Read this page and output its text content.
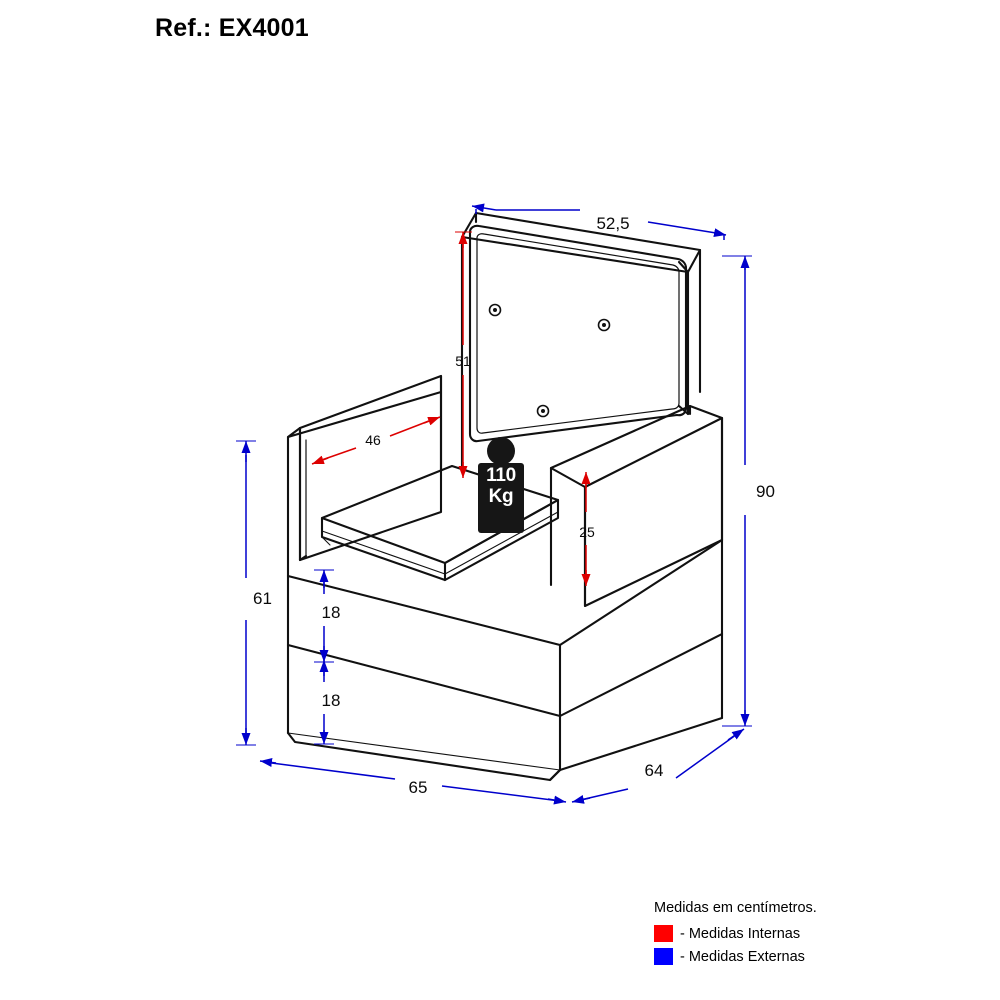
Ref.: EX4001
52,5
90
61
65
64
18
18
51
46
25
110
Kg
Medidas em centímetros.
- Medidas Internas
- Medidas Externas
